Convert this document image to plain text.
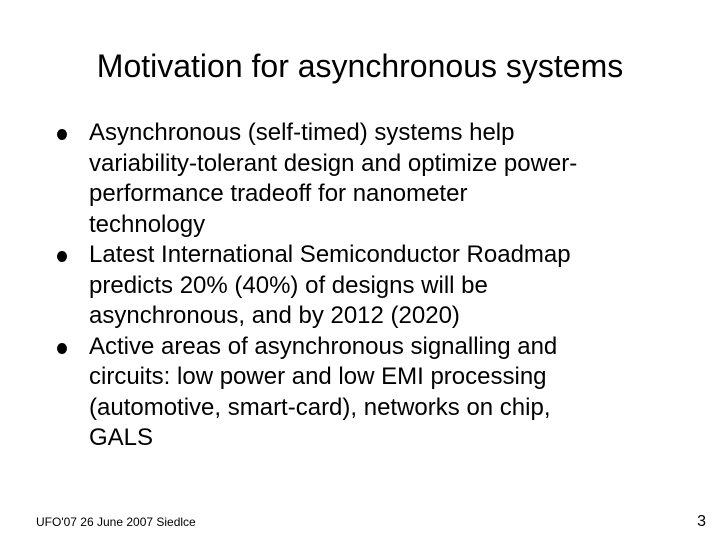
Motivation for asynchronous systems
Asynchronous (self-timed) systems help
variability-tolerant design and optimize power-
performance tradeoff for nanometer
technology
Latest International Semiconductor Roadmap
predicts 20% (40%) of designs will be
asynchronous, and by 2012 (2020)
Active areas of asynchronous signalling and
circuits: low power and low EMI processing
(automotive, smart-card), networks on chip,
GALS
UFO'07 26 June 2007 Siedlce	3
